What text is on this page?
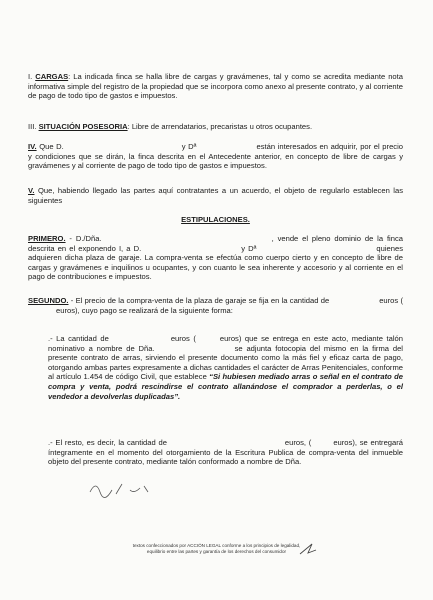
I. CARGAS: La indicada finca se halla libre de cargas y gravámenes, tal y como se acredita mediante nota informativa simple del registro de la propiedad que se incorpora como anexo al presente contrato, y al corriente de pago de todo tipo de gastos e impuestos.
III. SITUACIÓN POSESORIA: Libre de arrendatarios, precaristas u otros ocupantes.
IV. Que D.	y Dª	están interesados en adquirir, por el precio y condiciones que se dirán, la finca descrita en el Antecedente anterior, en concepto de libre de cargas y gravámenes y al corriente de pago de todo tipo de gastos e impuestos.
V. Que, habiendo llegado las partes aquí contratantes a un acuerdo, el objeto de regularlo establecen las siguientes
ESTIPULACIONES.
PRIMERO. - D./Dña.	, vende el pleno dominio de la finca descrita en el exponendo I, a D.	y Dª	quienes adquieren dicha plaza de garaje. La compra-venta se efectúa como cuerpo cierto y en concepto de libre de cargas y gravámenes e inquilinos u ocupantes, y con cuanto le sea inherente y accesorio y al corriente en el pago de contribuciones e impuestos.
SEGUNDO. - El precio de la compra-venta de la plaza de garaje se fija en la cantidad de	euros (euros), cuyo pago se realizará de la siguiente forma:
.- La cantidad de	euros (	euros) que se entrega en este acto, mediante talón nominativo a nombre de Dña.	se adjunta fotocopia del mismo en la firma del presente contrato de arras, sirviendo el presente documento como la más fiel y eficaz carta de pago, otorgando ambas partes expresamente a dichas cantidades el carácter de Arras Penitenciales, conforme al artículo 1.454 de código Civil, que establece “Si hubiesen mediado arras o señal en el contrato de compra y venta, podrá rescindirse el contrato allanándose el comprador a perderlas, o el vendedor a devolverlas duplicadas”.
.- El resto, es decir, la cantidad de	euros, (	euros), se entregará íntegramente en el momento del otorgamiento de la Escritura Publica de compra-venta del inmueble objeto del presente contrato, mediante talón conformado a nombre de Dña.
textos confeccionados por ACCIÓN LEGAL conforme a los principios de legalidad,
equilibrio entre las partes y garantía de los derechos del consumidor
